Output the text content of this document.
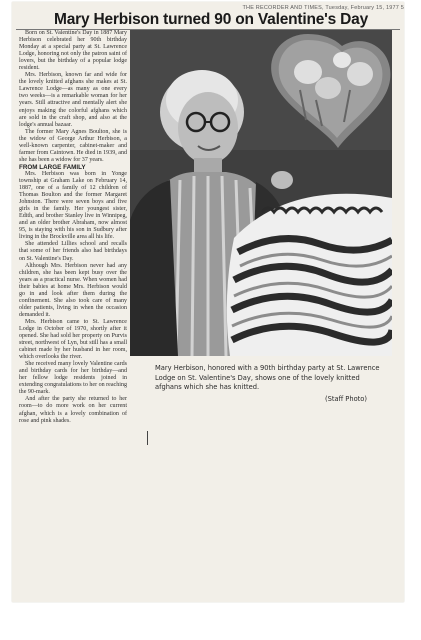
THE RECORDER AND TIMES, Tuesday, February 15, 1977 5
Mary Herbison turned 90 on Valentine's Day

Born on St. Valentine's Day in 1887 Mary Herbison celebrated her 90th birthday Monday at a special party at St. Lawrence Lodge, honoring not only the patron saint of lovers, but the birthday of a popular lodge resident.

Mrs. Herbison, known far and wide for the lovely knitted afghans she makes at St. Lawrence Lodge—as many as one every two weeks—is a remarkable woman for her years. Still attractive and mentally alert she enjoys making the colorful afghans which are sold in the craft shop, and also at the lodge's annual bazaar.

The former Mary Agnes Boulton, she is the widow of George Arthur Herbison, a well-known carpenter, cabinet-maker and farmer from Caintown. He died in 1939, and she has been a widow for 37 years.

FROM LARGE FAMILY

Mrs. Herbison was born in Yonge township at Graham Lake on February 14, 1887, one of a family of 12 children of Thomas Boulton and the former Margaret Johnston. There were seven boys and five girls in the family. Her youngest sister, Edith, and brother Stanley live in Winnipeg, and an older brother Abraham, now almost 95, is staying with his son in Sudbury after living in the Brockville area all his life.

She attended Lillies school and recalls that some of her friends also had birthdays on St. Valentine's Day.

Although Mrs. Herbison never had any children, she has been kept busy over the years as a practical nurse. When women had their babies at home Mrs. Herbison would go in and look after them during the confinement. She also took care of many older patients, living in when the occasion demanded it.

Mrs. Herbison came to St. Lawrence Lodge in October of 1970, shortly after it opened. She had sold her property on Purvis street, northwest of Lyn, but still has a small cabinet made by her husband in her room, which overlooks the river.

She received many lovely Valentine cards and birthday cards for her birthday—and her fellow lodge residents joined in extending congratulations to her on reaching the 90-mark.

And after the party she returned to her room—to do more work on her current afghan, which is a lovely combination of rose and pink shades.

Mary Herbison, honored with a 90th birthday party at St. Lawrence Lodge on St. Valentine's Day, shows one of the lovely knitted afghans which she has knitted.
(Staff Photo)
